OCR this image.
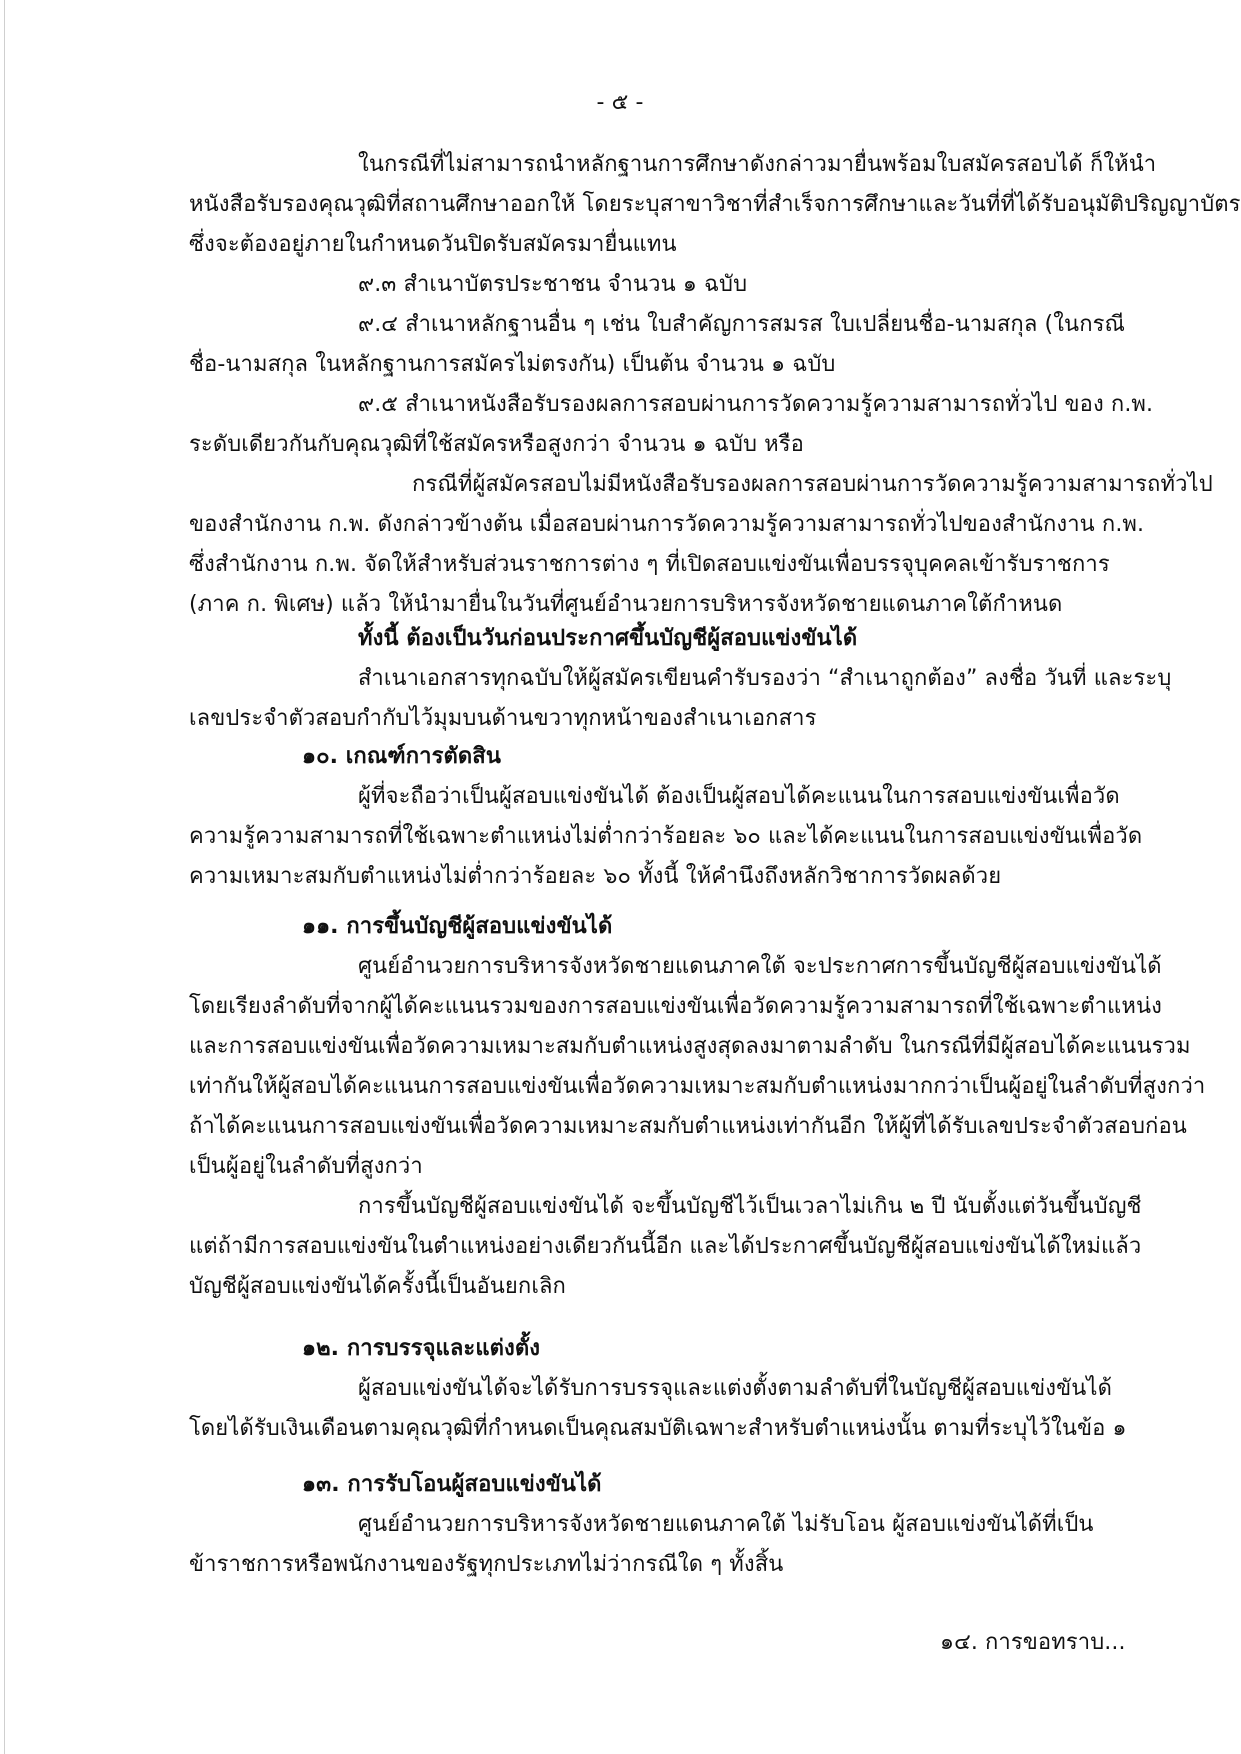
- ๕ -
ในกรณีที่ไม่สามารถนำหลักฐานการศึกษาดังกล่าวมายื่นพร้อมใบสมัครสอบได้ ก็ให้นำ
หนังสือรับรองคุณวุฒิที่สถานศึกษาออกให้ โดยระบุสาขาวิชาที่สำเร็จการศึกษาและวันที่ที่ได้รับอนุมัติปริญญาบัตร
ซึ่งจะต้องอยู่ภายในกำหนดวันปิดรับสมัครมายื่นแทน
๙.๓ สำเนาบัตรประชาชน จำนวน ๑ ฉบับ
๙.๔ สำเนาหลักฐานอื่น ๆ เช่น ใบสำคัญการสมรส ใบเปลี่ยนชื่อ-นามสกุล (ในกรณี
ชื่อ-นามสกุล ในหลักฐานการสมัครไม่ตรงกัน) เป็นต้น จำนวน ๑ ฉบับ
๙.๕ สำเนาหนังสือรับรองผลการสอบผ่านการวัดความรู้ความสามารถทั่วไป ของ ก.พ.
ระดับเดียวกันกับคุณวุฒิที่ใช้สมัครหรือสูงกว่า จำนวน ๑ ฉบับ หรือ
กรณีที่ผู้สมัครสอบไม่มีหนังสือรับรองผลการสอบผ่านการวัดความรู้ความสามารถทั่วไป
ของสำนักงาน ก.พ. ดังกล่าวข้างต้น เมื่อสอบผ่านการวัดความรู้ความสามารถทั่วไปของสำนักงาน ก.พ.
ซึ่งสำนักงาน ก.พ. จัดให้สำหรับส่วนราชการต่าง ๆ ที่เปิดสอบแข่งขันเพื่อบรรจุบุคคลเข้ารับราชการ
(ภาค ก. พิเศษ) แล้ว ให้นำมายื่นในวันที่ศูนย์อำนวยการบริหารจังหวัดชายแดนภาคใต้กำหนด
ทั้งนี้ ต้องเป็นวันก่อนประกาศขึ้นบัญชีผู้สอบแข่งขันได้
สำเนาเอกสารทุกฉบับให้ผู้สมัครเขียนคำรับรองว่า “สำเนาถูกต้อง” ลงชื่อ วันที่ และระบุ
เลขประจำตัวสอบกำกับไว้มุมบนด้านขวาทุกหน้าของสำเนาเอกสาร
๑๐. เกณฑ์การตัดสิน
ผู้ที่จะถือว่าเป็นผู้สอบแข่งขันได้ ต้องเป็นผู้สอบได้คะแนนในการสอบแข่งขันเพื่อวัด
ความรู้ความสามารถที่ใช้เฉพาะตำแหน่งไม่ต่ำกว่าร้อยละ ๖๐ และได้คะแนนในการสอบแข่งขันเพื่อวัด
ความเหมาะสมกับตำแหน่งไม่ต่ำกว่าร้อยละ ๖๐ ทั้งนี้ ให้คำนึงถึงหลักวิชาการวัดผลด้วย
๑๑. การขึ้นบัญชีผู้สอบแข่งขันได้
ศูนย์อำนวยการบริหารจังหวัดชายแดนภาคใต้ จะประกาศการขึ้นบัญชีผู้สอบแข่งขันได้
โดยเรียงลำดับที่จากผู้ได้คะแนนรวมของการสอบแข่งขันเพื่อวัดความรู้ความสามารถที่ใช้เฉพาะตำแหน่ง
และการสอบแข่งขันเพื่อวัดความเหมาะสมกับตำแหน่งสูงสุดลงมาตามลำดับ ในกรณีที่มีผู้สอบได้คะแนนรวม
เท่ากันให้ผู้สอบได้คะแนนการสอบแข่งขันเพื่อวัดความเหมาะสมกับตำแหน่งมากกว่าเป็นผู้อยู่ในลำดับที่สูงกว่า
ถ้าได้คะแนนการสอบแข่งขันเพื่อวัดความเหมาะสมกับตำแหน่งเท่ากันอีก ให้ผู้ที่ได้รับเลขประจำตัวสอบก่อน
เป็นผู้อยู่ในลำดับที่สูงกว่า
การขึ้นบัญชีผู้สอบแข่งขันได้ จะขึ้นบัญชีไว้เป็นเวลาไม่เกิน ๒ ปี นับตั้งแต่วันขึ้นบัญชี
แต่ถ้ามีการสอบแข่งขันในตำแหน่งอย่างเดียวกันนี้อีก และได้ประกาศขึ้นบัญชีผู้สอบแข่งขันได้ใหม่แล้ว
บัญชีผู้สอบแข่งขันได้ครั้งนี้เป็นอันยกเลิก
๑๒. การบรรจุและแต่งตั้ง
ผู้สอบแข่งขันได้จะได้รับการบรรจุและแต่งตั้งตามลำดับที่ในบัญชีผู้สอบแข่งขันได้
โดยได้รับเงินเดือนตามคุณวุฒิที่กำหนดเป็นคุณสมบัติเฉพาะสำหรับตำแหน่งนั้น ตามที่ระบุไว้ในข้อ ๑
๑๓. การรับโอนผู้สอบแข่งขันได้
ศูนย์อำนวยการบริหารจังหวัดชายแดนภาคใต้ ไม่รับโอน ผู้สอบแข่งขันได้ที่เป็น
ข้าราชการหรือพนักงานของรัฐทุกประเภทไม่ว่ากรณีใด ๆ ทั้งสิ้น
๑๔. การขอทราบ...
